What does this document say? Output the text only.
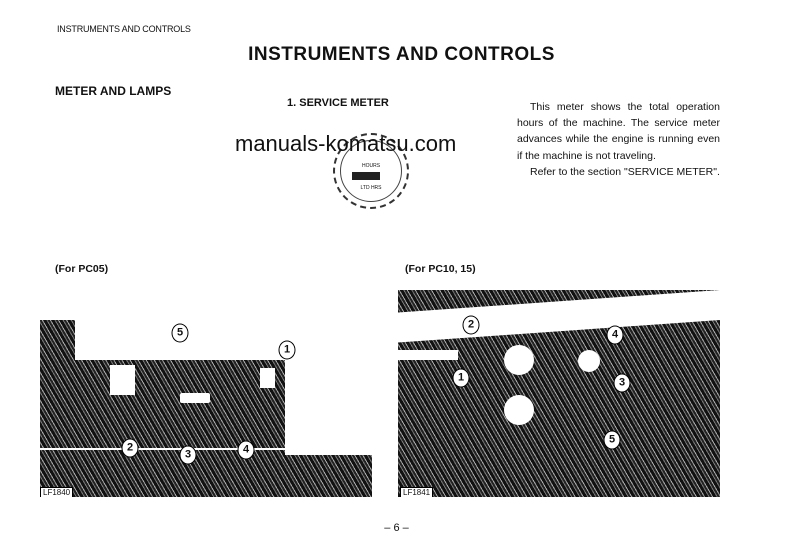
INSTRUMENTS AND CONTROLS
INSTRUMENTS AND CONTROLS
METER AND LAMPS
1. SERVICE METER	This meter shows the total operation hours of the machine. The service meter advances while the engine is running even if the machine is not traveling.

Refer to the section "SERVICE METER".

HOURS
LTD HRS
manuals-komatsu.com
(For PC05)	(For PC10, 15)
LF1840	LF1841
5
1
2
3	4
2
4
1	3
5
– 6 –
